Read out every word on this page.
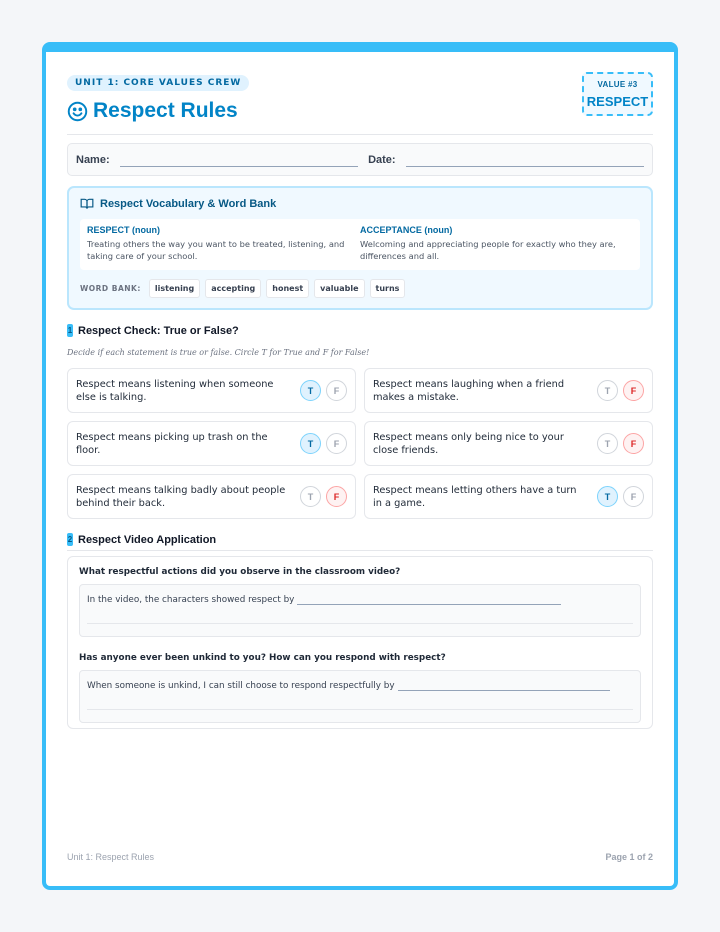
UNIT 1: CORE VALUES CREW
Respect Rules
VALUE #3
RESPECT
Name:	Date:
Respect Vocabulary & Word Bank
RESPECT (noun)
Treating others the way you want to be treated, listening, and taking care of your school.
ACCEPTANCE (noun)
Welcoming and appreciating people for exactly who they are, differences and all.
WORD BANK:	listening	accepting	honest	valuable	turns
1 Respect Check: True or False?
Decide if each statement is true or false. Circle T for True and F for False!
Respect means listening when someone else is talking.
T	F
Respect means laughing when a friend makes a mistake.
T	F
Respect means picking up trash on the floor.
T	F
Respect means only being nice to your close friends.
T	F
Respect means talking badly about people behind their back.
T	F
Respect means letting others have a turn in a game.
T	F
2 Respect Video Application
What respectful actions did you observe in the classroom video?
In the video, the characters showed respect by
Has anyone ever been unkind to you? How can you respond with respect?
When someone is unkind, I can still choose to respond respectfully by
Unit 1: Respect Rules	Page 1 of 2
